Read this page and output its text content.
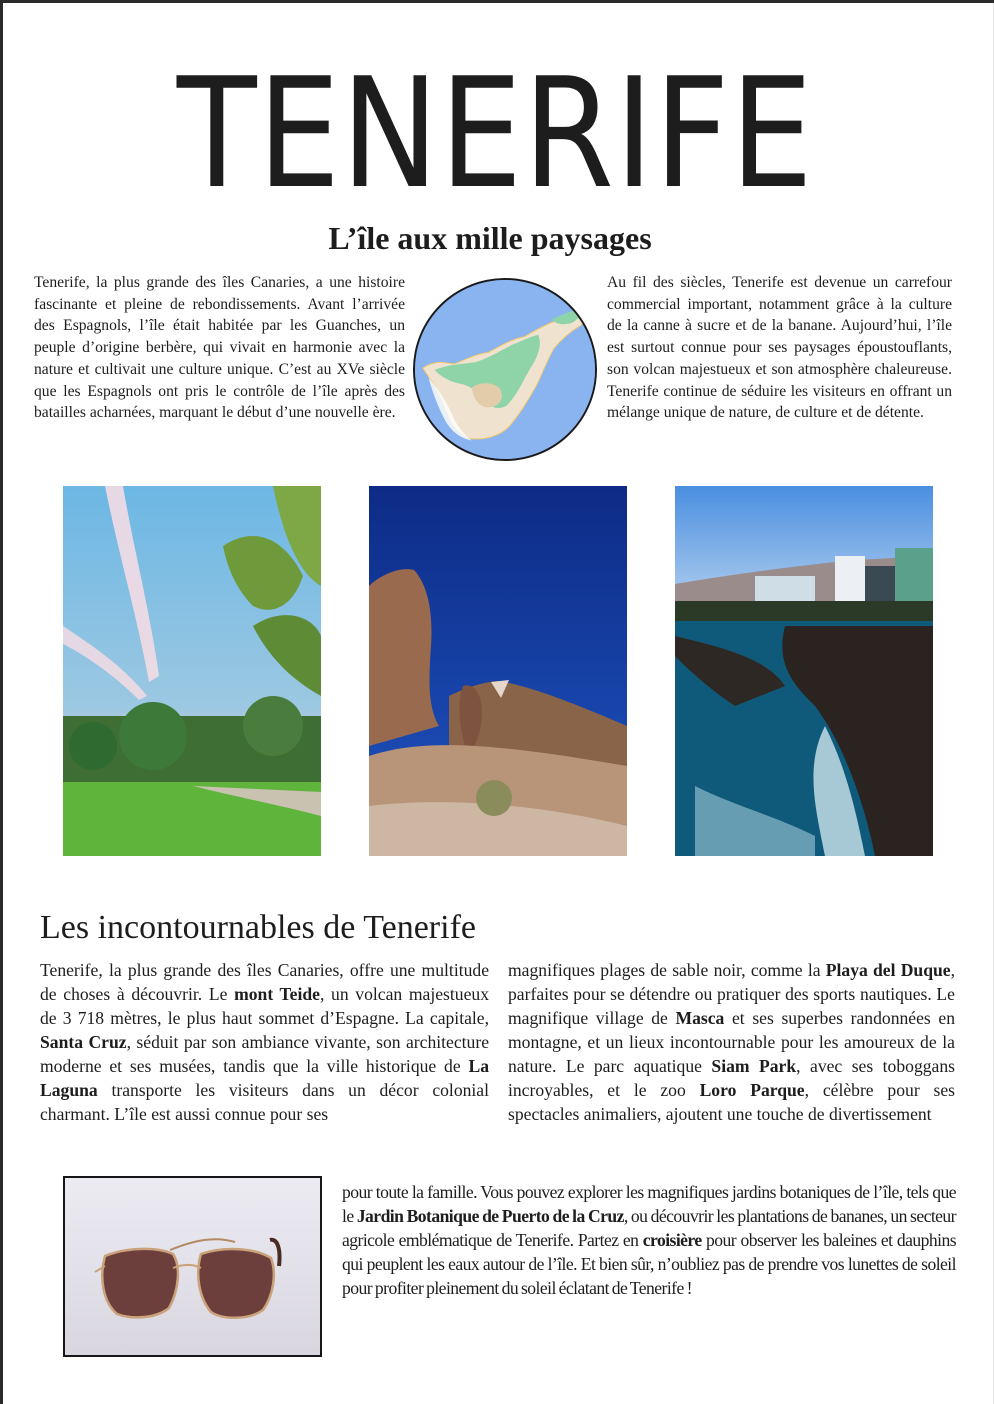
TENERIFE
L’île aux mille paysages

Tenerife, la plus grande des îles Canaries, a une histoire fascinante et pleine de rebondissements. Avant l’arrivée des Espagnols, l’île était habitée par les Guanches, un peuple d’origine berbère, qui vivait en harmonie avec la nature et cultivait une culture unique. C’est au XVe siècle que les Espagnols ont pris le contrôle de l’île après des batailles acharnées, marquant le début d’une nouvelle ère.

Au fil des siècles, Tenerife est devenue un carrefour commercial important, notamment grâce à la culture de la canne à sucre et de la banane. Aujourd’hui, l’île est surtout connue pour ses paysages époustouflants, son volcan majestueux et son atmosphère chaleureuse. Tenerife continue de séduire les visiteurs en offrant un mélange unique de nature, de culture et de détente.

Les incontournables de Tenerife

Tenerife, la plus grande des îles Canaries, offre une multitude de choses à découvrir. Le mont Teide, un volcan majestueux de 3 718 mètres, le plus haut sommet d’Espagne. La capitale, Santa Cruz, séduit par son ambiance vivante, son architecture moderne et ses musées, tandis que la ville historique de La Laguna transporte les visiteurs dans un décor colonial charmant. L’île est aussi connue pour ses

magnifiques plages de sable noir, comme la Playa del Duque, parfaites pour se détendre ou pratiquer des sports nautiques. Le magnifique village de Masca et ses superbes randonnées en montagne, et un lieux incontournable pour les amoureux de la nature. Le parc aquatique Siam Park, avec ses toboggans incroyables, et le zoo Loro Parque, célèbre pour ses spectacles animaliers, ajoutent une touche de divertissement

pour toute la famille. Vous pouvez explorer les magnifiques jardins botaniques de l’île, tels que le Jardin Botanique de Puerto de la Cruz, ou découvrir les plantations de bananes, un secteur agricole emblématique de Tenerife. Partez en croisière pour observer les baleines et dauphins qui peuplent les eaux autour de l’île. Et bien sûr, n’oubliez pas de prendre vos lunettes de soleil pour profiter pleinement du soleil éclatant de Tenerife !
